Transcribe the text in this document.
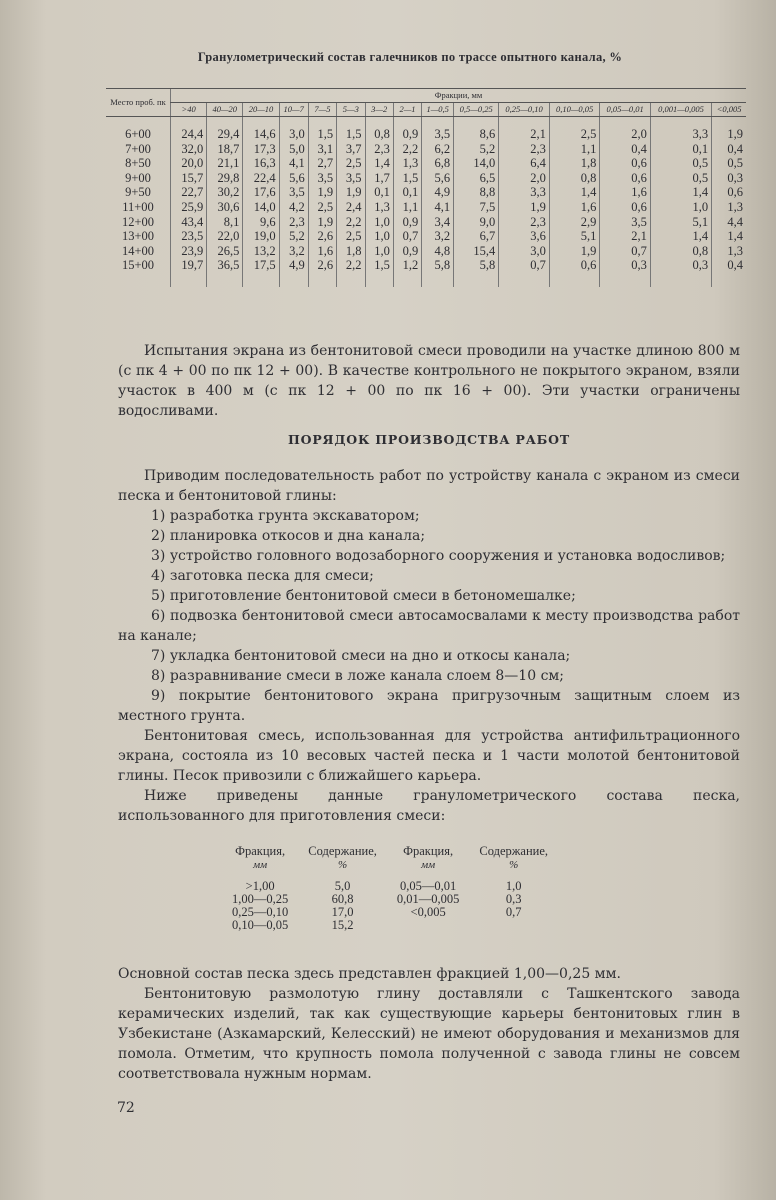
Гранулометрический состав галечников по трассе опытного канала, %
Место проб. пк	Фракции, мм														
	>40	40—20	20—10	10—7	7—5	5—3	3—2	2—1	1—0,5	0,5—0,25	0,25—0,10	0,10—0,05	0,05—0,01	0,001—0,005	<0,005

6+00	24,4	29,4	14,6	3,0	1,5	1,5	0,8	0,9	3,5	8,6	2,1	2,5	2,0	3,3	1,9
7+00	32,0	18,7	17,3	5,0	3,1	3,7	2,3	2,2	6,2	5,2	2,3	1,1	0,4	0,1	0,4
8+50	20,0	21,1	16,3	4,1	2,7	2,5	1,4	1,3	6,8	14,0	6,4	1,8	0,6	0,5	0,5
9+00	15,7	29,8	22,4	5,6	3,5	3,5	1,7	1,5	5,6	6,5	2,0	0,8	0,6	0,5	0,3
9+50	22,7	30,2	17,6	3,5	1,9	1,9	0,1	0,1	4,9	8,8	3,3	1,4	1,6	1,4	0,6
11+00	25,9	30,6	14,0	4,2	2,5	2,4	1,3	1,1	4,1	7,5	1,9	1,6	0,6	1,0	1,3
12+00	43,4	8,1	9,6	2,3	1,9	2,2	1,0	0,9	3,4	9,0	2,3	2,9	3,5	5,1	4,4
13+00	23,5	22,0	19,0	5,2	2,6	2,5	1,0	0,7	3,2	6,7	3,6	5,1	2,1	1,4	1,4
14+00	23,9	26,5	13,2	3,2	1,6	1,8	1,0	0,9	4,8	15,4	3,0	1,9	0,7	0,8	1,3
15+00	19,7	36,5	17,5	4,9	2,6	2,2	1,5	1,2	5,8	5,8	0,7	0,6	0,3	0,3	0,4

Испытания экрана из бентонитовой смеси проводили на участке длиною 800 м (с пк 4 + 00 по пк 12 + 00). В качестве контрольного не покрытого экраном, взяли участок в 400 м (с пк 12 + 00 по пк 16 + 00). Эти участки ограничены водосливами.
ПОРЯДОК ПРОИЗВОДСТВА РАБОТ
Приводим последовательность работ по устройству канала с экраном из смеси песка и бентонитовой глины:
1) разработка грунта экскаватором;
2) планировка откосов и дна канала;
3) устройство головного водозаборного сооружения и установка водосливов;
4) заготовка песка для смеси;
5) приготовление бентонитовой смеси в бетономешалке;
6) подвозка бентонитовой смеси автосамосвалами к месту производства работ на канале;
7) укладка бентонитовой смеси на дно и откосы канала;
8) разравнивание смеси в ложе канала слоем 8—10 см;
9) покрытие бентонитового экрана пригрузочным защитным слоем из местного грунта.
Бентонитовая смесь, использованная для устройства антифильтрационного экрана, состояла из 10 весовых частей песка и 1 части молотой бентонитовой глины. Песок привозили с ближайшего карьера.
Ниже приведены данные гранулометрического состава песка, использованного для приготовления смеси:
Фракция,	Содержание,	Фракция,	Содержание,
мм	%	мм	%

>1,00	5,0	0,05—0,01	1,0
1,00—0,25	60,8	0,01—0,005	0,3
0,25—0,10	17,0	<0,005	0,7
0,10—0,05	15,2		
Основной состав песка здесь представлен фракцией 1,00—0,25 мм.
Бентонитовую размолотую глину доставляли с Ташкентского завода керамических изделий, так как существующие карьеры бентонитовых глин в Узбекистане (Азкамарский, Келесский) не имеют оборудования и механизмов для помола. Отметим, что крупность помола полученной с завода глины не совсем соответствовала нужным нормам.
72
